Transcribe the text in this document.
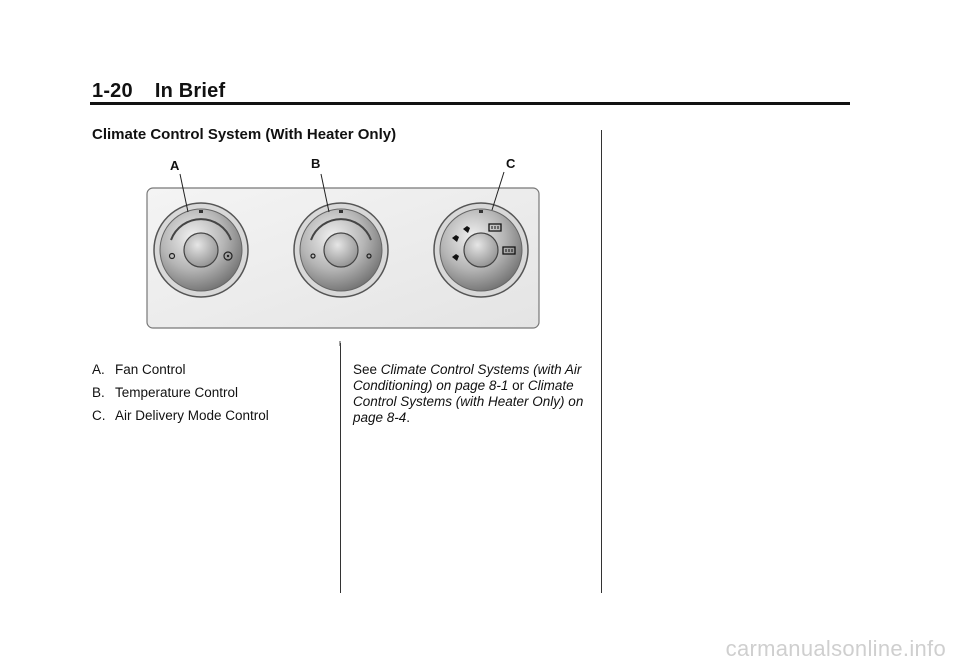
1-20 In Brief
Climate Control System (With Heater Only)
A	B	C
A. Fan Control
B. Temperature Control
C. Air Delivery Mode Control
See Climate Control Systems (with Air Conditioning) on page 8-1 or Climate Control Systems (with Heater Only) on page 8-4.
carmanualsonline.info
